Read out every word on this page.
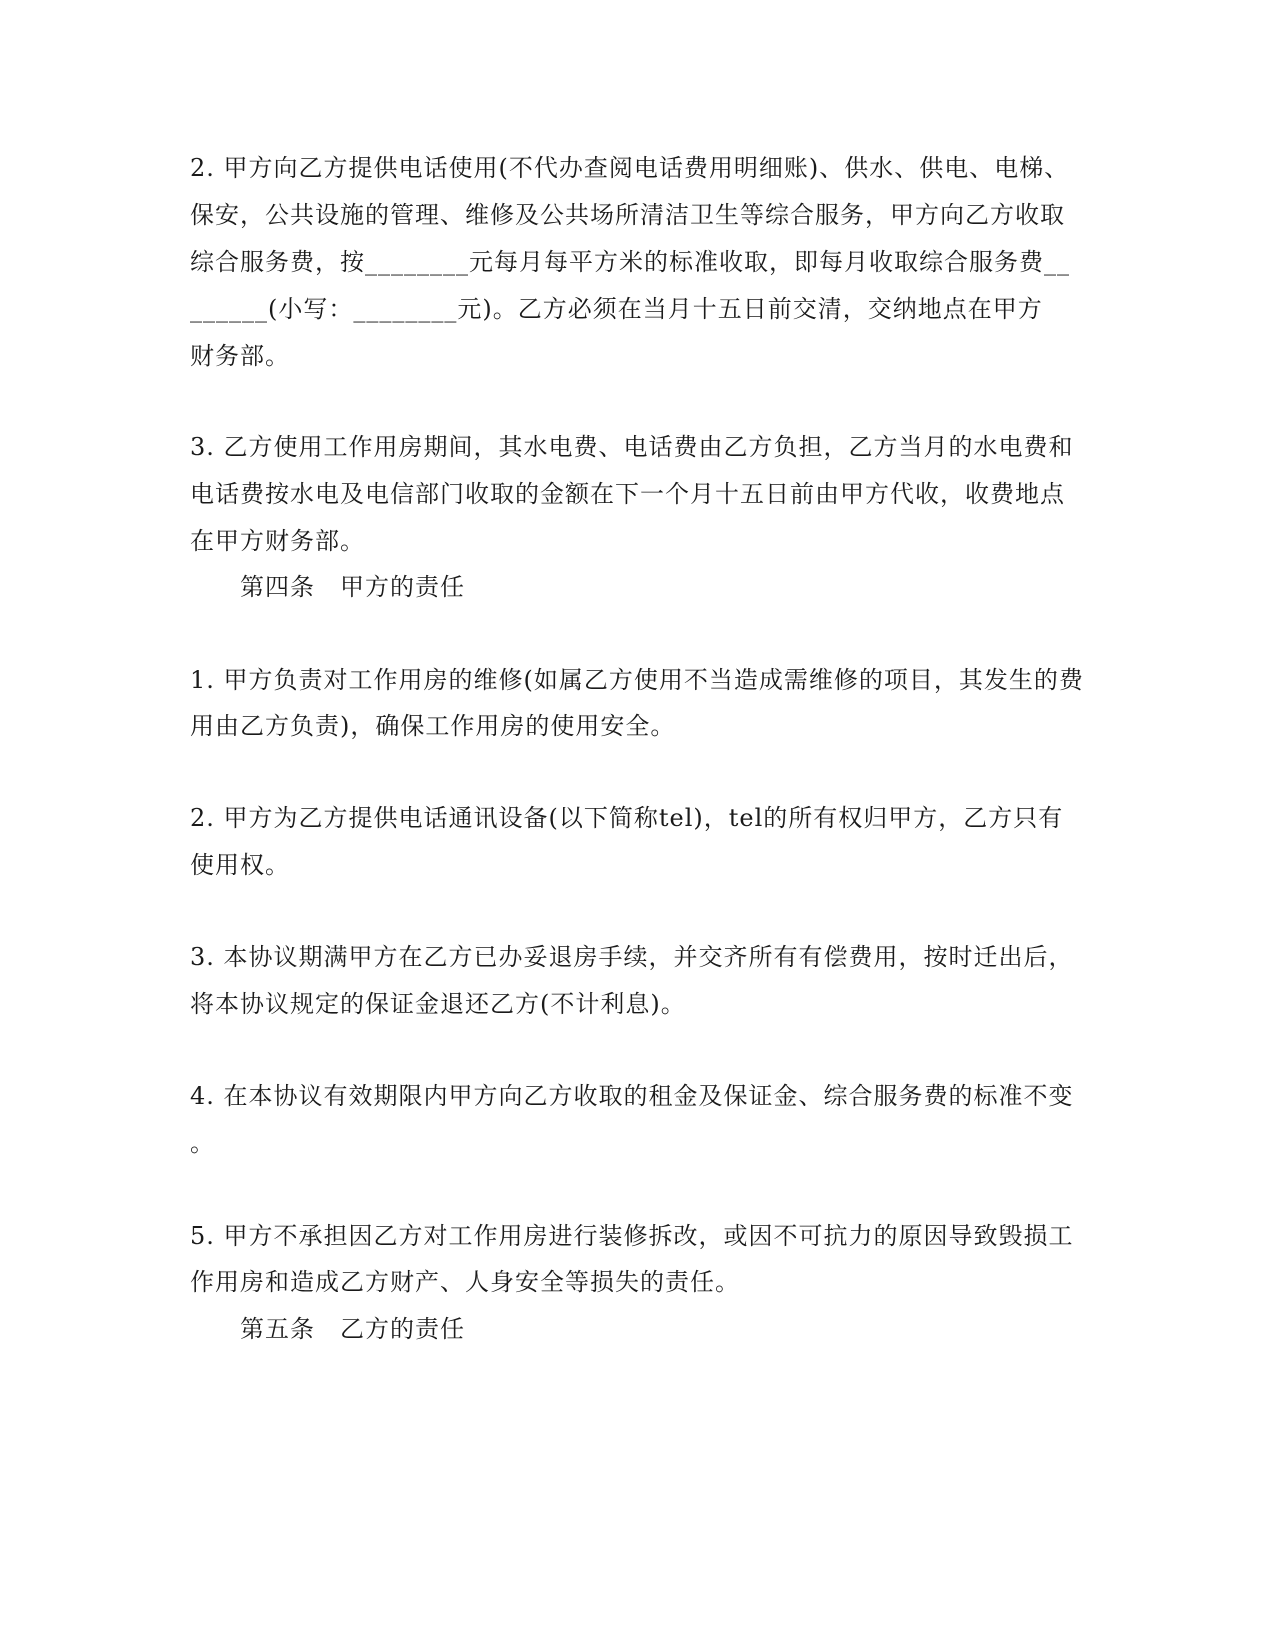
2. 甲方向乙方提供电话使用(不代办查阅电话费用明细账)、供水、供电、电梯、
保安，公共设施的管理、维修及公共场所清洁卫生等综合服务，甲方向乙方收取
综合服务费，按________元每月每平方米的标准收取，即每月收取综合服务费__
______(小写：________元)。乙方必须在当月十五日前交清，交纳地点在甲方
财务部。
3. 乙方使用工作用房期间，其水电费、电话费由乙方负担，乙方当月的水电费和
电话费按水电及电信部门收取的金额在下一个月十五日前由甲方代收，收费地点
在甲方财务部。
第四条　甲方的责任
1. 甲方负责对工作用房的维修(如属乙方使用不当造成需维修的项目，其发生的费
用由乙方负责)，确保工作用房的使用安全。
2. 甲方为乙方提供电话通讯设备(以下简称tel)，tel的所有权归甲方，乙方只有
使用权。
3. 本协议期满甲方在乙方已办妥退房手续，并交齐所有有偿费用，按时迁出后，
将本协议规定的保证金退还乙方(不计利息)。
4. 在本协议有效期限内甲方向乙方收取的租金及保证金、综合服务费的标准不变
。
5. 甲方不承担因乙方对工作用房进行装修拆改，或因不可抗力的原因导致毁损工
作用房和造成乙方财产、人身安全等损失的责任。
第五条　乙方的责任
